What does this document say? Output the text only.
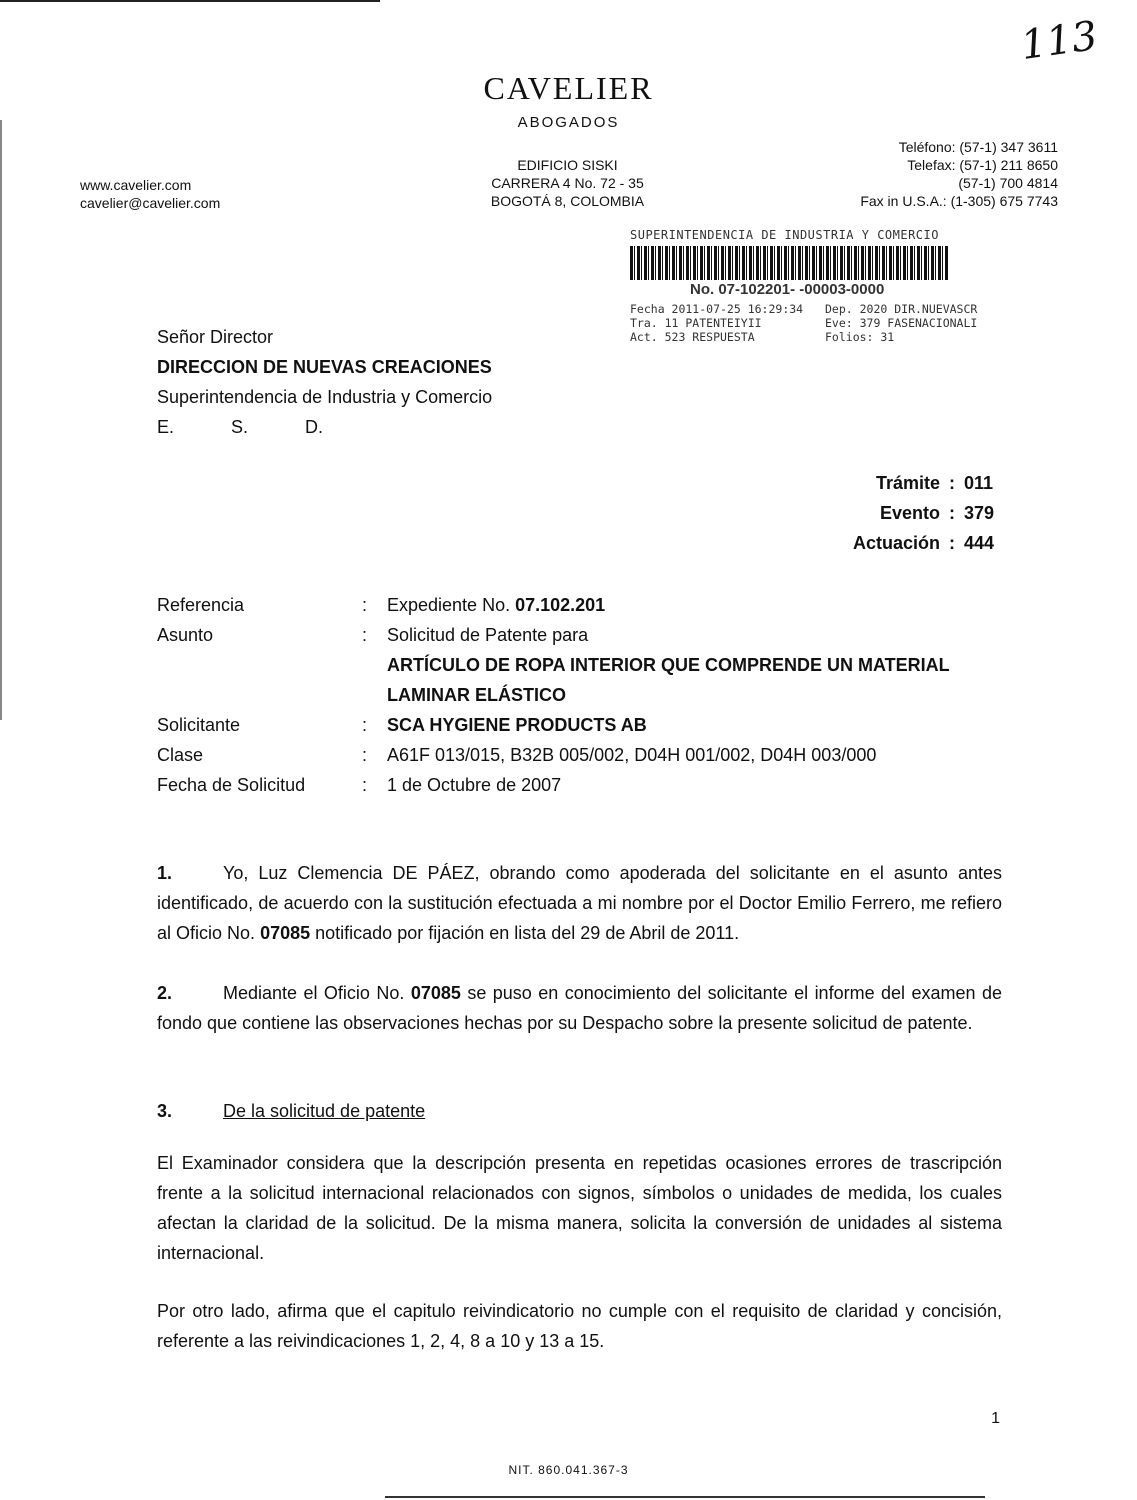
CAVELIER
ABOGADOS
www.cavelier.com
cavelier@cavelier.com
EDIFICIO SISKI
CARRERA 4 No. 72 - 35
BOGOTÁ 8, COLOMBIA
Teléfono: (57-1) 347 3611
Telefax: (57-1) 211 8650
(57-1) 700 4814
Fax in U.S.A.: (1-305) 675 7743
113
SUPERINTENDENCIA DE INDUSTRIA Y COMERCIO
No. 07-102201- -00003-0000
Fecha 2011-07-25 16:29:34	Dep. 2020 DIR.NUEVASCR
Tra. 11 PATENTEIYII	Eve: 379 FASENACIONALI
Act. 523 RESPUESTA	Folios: 31
Señor Director
DIRECCION DE NUEVAS CREACIONES
Superintendencia de Industria y Comercio
E.	S.	D.
Trámite : 011
Evento : 379
Actuación : 444
Referencia	:	Expediente No. 07.102.201
Asunto	:	Solicitud de Patente para
ARTÍCULO DE ROPA INTERIOR QUE COMPRENDE UN MATERIAL
LAMINAR ELÁSTICO
Solicitante	:	SCA HYGIENE PRODUCTS AB
Clase	:	A61F 013/015, B32B 005/002, D04H 001/002, D04H 003/000
Fecha de Solicitud	:	1 de Octubre de 2007
1.	Yo, Luz Clemencia DE PÁEZ, obrando como apoderada del solicitante en el asunto antes identificado, de acuerdo con la sustitución efectuada a mi nombre por el Doctor Emilio Ferrero, me refiero al Oficio No. 07085 notificado por fijación en lista del 29 de Abril de 2011.
2.	Mediante el Oficio No. 07085 se puso en conocimiento del solicitante el informe del examen de fondo que contiene las observaciones hechas por su Despacho sobre la presente solicitud de patente.
3.	De la solicitud de patente
El Examinador considera que la descripción presenta en repetidas ocasiones errores de trascripción frente a la solicitud internacional relacionados con signos, símbolos o unidades de medida, los cuales afectan la claridad de la solicitud. De la misma manera, solicita la conversión de unidades al sistema internacional.
Por otro lado, afirma que el capitulo reivindicatorio no cumple con el requisito de claridad y concisión, referente a las reivindicaciones 1, 2, 4, 8 a 10 y 13 a 15.
1
NIT. 860.041.367-3
